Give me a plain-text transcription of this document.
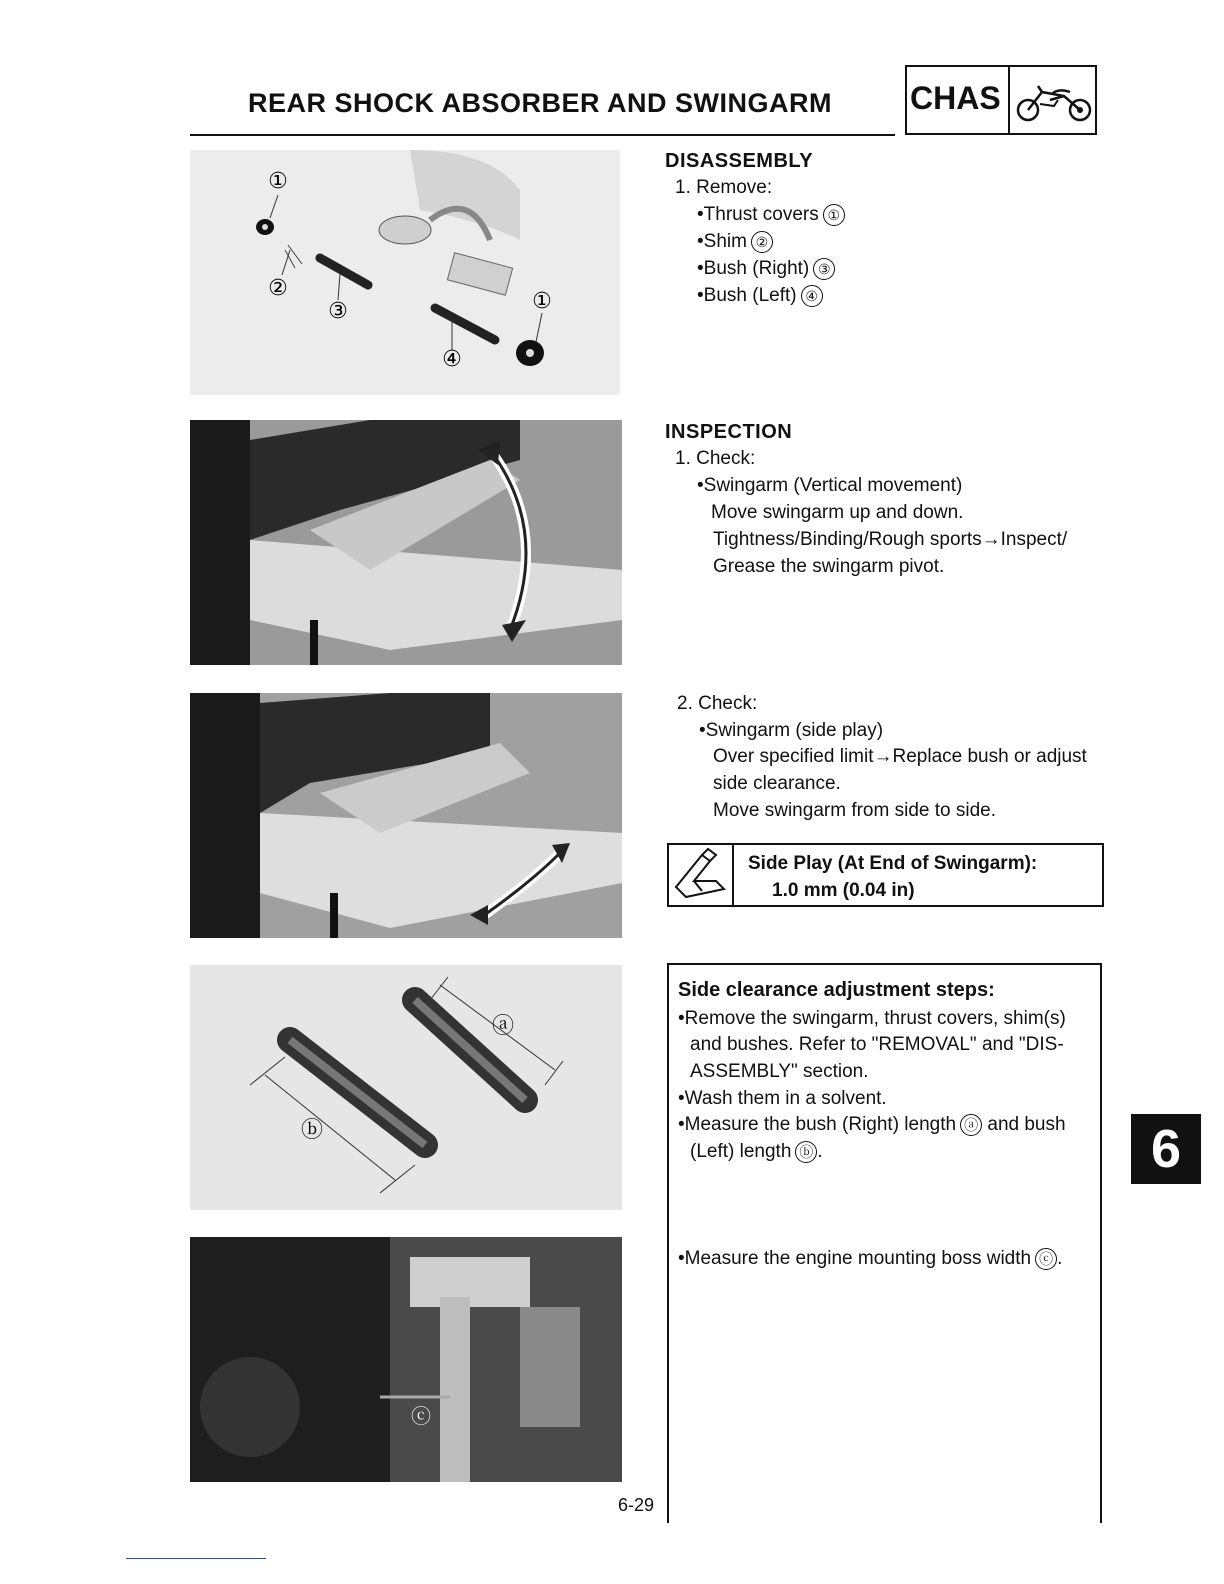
REAR SHOCK ABSORBER AND SWINGARM	CHAS
①
②
③	①
④
ⓐ
ⓑ
ⓒ
DISASSEMBLY
1. Remove:
•Thrust covers ①
•Shim ②
•Bush (Right) ③
•Bush (Left) ④
INSPECTION
1. Check:
•Swingarm (Vertical movement)
Move swingarm up and down.
Tightness/Binding/Rough sports→Inspect/
Grease the swingarm pivot.
2. Check:
•Swingarm (side play)
Over specified limit→Replace bush or adjust
side clearance.
Move swingarm from side to side.
Side Play (At End of Swingarm):
1.0 mm (0.04 in)
Side clearance adjustment steps:
•Remove the swingarm, thrust covers, shim(s)
and bushes. Refer to "REMOVAL" and "DIS-
ASSEMBLY" section.
•Wash them in a solvent.
•Measure the bush (Right) length ⓐ and bush
(Left) length ⓑ .
•Measure the engine mounting boss width ⓒ .
6
6-29
